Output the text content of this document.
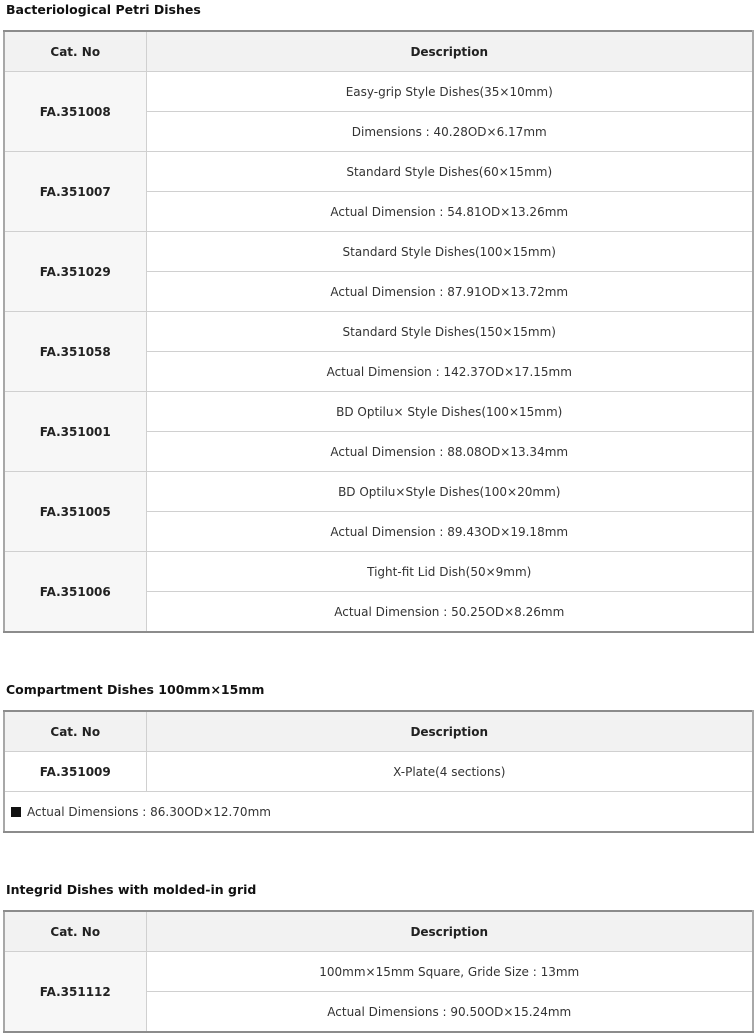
Bacteriological Petri Dishes
Cat. No	Description
FA.351008	Easy-grip Style Dishes(35×10mm)
	Dimensions : 40.28OD×6.17mm
FA.351007	Standard Style Dishes(60×15mm)
	Actual Dimension : 54.81OD×13.26mm
FA.351029	Standard Style Dishes(100×15mm)
	Actual Dimension : 87.91OD×13.72mm
FA.351058	Standard Style Dishes(150×15mm)
	Actual Dimension : 142.37OD×17.15mm
FA.351001	BD Optilu× Style Dishes(100×15mm)
	Actual Dimension : 88.08OD×13.34mm
FA.351005	BD Optilu×Style Dishes(100×20mm)
	Actual Dimension : 89.43OD×19.18mm
FA.351006	Tight-fit Lid Dish(50×9mm)
	Actual Dimension : 50.25OD×8.26mm
Compartment Dishes 100mm×15mm
Cat. No	Description
FA.351009	X-Plate(4 sections)
Actual Dimensions : 86.30OD×12.70mm	
Integrid Dishes with molded-in grid
Cat. No	Description
FA.351112	100mm×15mm Square, Gride Size : 13mm
	Actual Dimensions : 90.50OD×15.24mm
